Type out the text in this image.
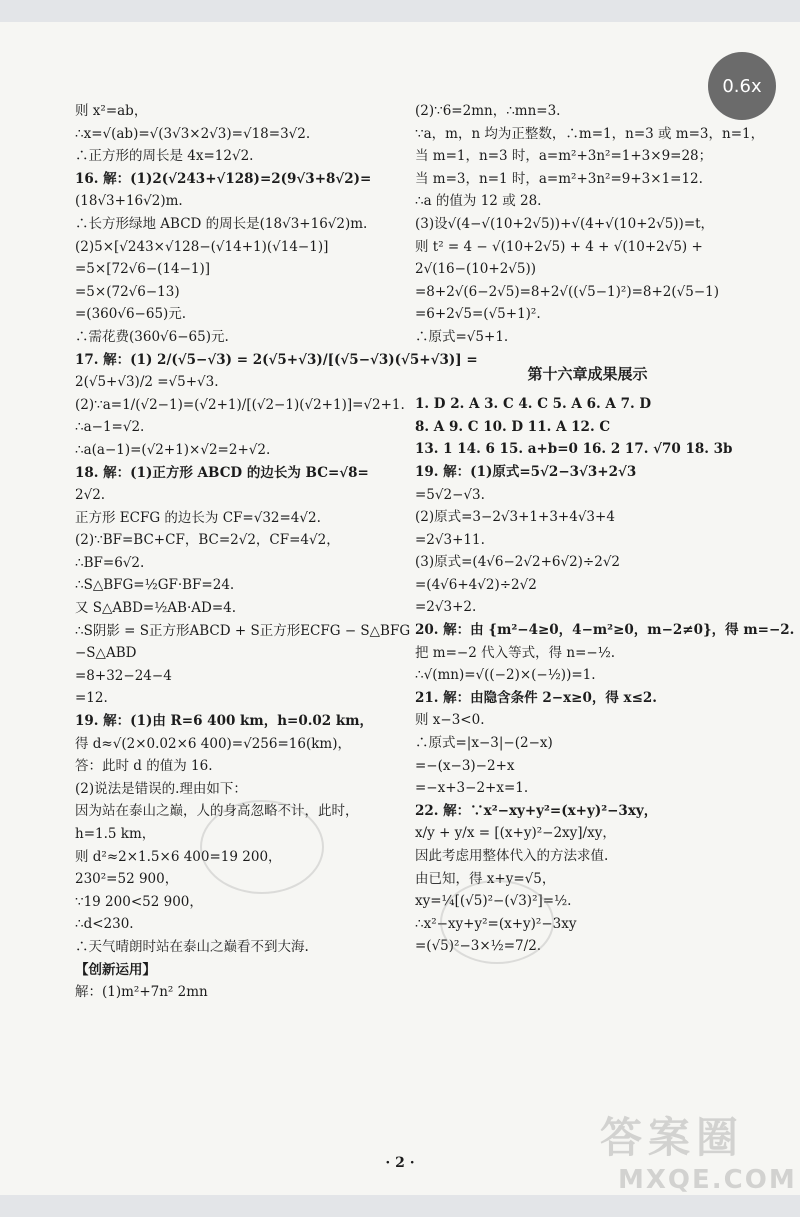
则 x²=ab，
∴x=√(ab)=√(3√3×2√3)=√18=3√2.
∴正方形的周长是 4x=12√2.
16. 解：(1)2(√243+√128)=2(9√3+8√2)=
(18√3+16√2)m.
∴长方形绿地 ABCD 的周长是(18√3+16√2)m.
(2)5×[√243×√128−(√14+1)(√14−1)]
=5×[72√6−(14−1)]
=5×(72√6−13)
=(360√6−65)元.
∴需花费(360√6−65)元.
17. 解：(1) 2/(√5−√3) = 2(√5+√3)/[(√5−√3)(√5+√3)] =
2(√5+√3)/2 =√5+√3.
(2)∵a=1/(√2−1)=(√2+1)/[(√2−1)(√2+1)]=√2+1.
∴a−1=√2.
∴a(a−1)=(√2+1)×√2=2+√2.
18. 解：(1)正方形 ABCD 的边长为 BC=√8=
2√2.
正方形 ECFG 的边长为 CF=√32=4√2.
(2)∵BF=BC+CF，BC=2√2，CF=4√2，
∴BF=6√2.
∴S△BFG=½GF·BF=24.
又 S△ABD=½AB·AD=4.
∴S阴影 = S正方形ABCD + S正方形ECFG − S△BFG
−S△ABD
=8+32−24−4
=12.
19. 解：(1)由 R=6 400 km，h=0.02 km，
得 d≈√(2×0.02×6 400)=√256=16(km)，
答：此时 d 的值为 16.
(2)说法是错误的.理由如下：
因为站在泰山之巅，人的身高忽略不计，此时，
h=1.5 km，
则 d²≈2×1.5×6 400=19 200，
230²=52 900，
∵19 200<52 900，
∴d<230.
∴天气晴朗时站在泰山之巅看不到大海.
【创新运用】
解：(1)m²+7n² 2mn
(2)∵6=2mn，∴mn=3.
∵a，m，n 均为正整数，∴m=1，n=3 或 m=3，n=1，
当 m=1，n=3 时，a=m²+3n²=1+3×9=28；
当 m=3，n=1 时，a=m²+3n²=9+3×1=12.
∴a 的值为 12 或 28.
(3)设√(4−√(10+2√5))+√(4+√(10+2√5))=t，
则 t² = 4 − √(10+2√5) + 4 + √(10+2√5) +
2√(16−(10+2√5))
=8+2√(6−2√5)=8+2√((√5−1)²)=8+2(√5−1)
=6+2√5=(√5+1)².
∴原式=√5+1.
第十六章成果展示
1. D 2. A 3. C 4. C 5. A 6. A 7. D
8. A 9. C 10. D 11. A 12. C
13. 1 14. 6 15. a+b=0 16. 2 17. √70 18. 3b
19. 解：(1)原式=5√2−3√3+2√3
=5√2−√3.
(2)原式=3−2√3+1+3+4√3+4
=2√3+11.
(3)原式=(4√6−2√2+6√2)÷2√2
=(4√6+4√2)÷2√2
=2√3+2.
20. 解：由 {m²−4≥0，4−m²≥0，m−2≠0}，得 m=−2.
把 m=−2 代入等式，得 n=−½.
∴√(mn)=√((−2)×(−½))=1.
21. 解：由隐含条件 2−x≥0，得 x≤2.
则 x−3<0.
∴原式=|x−3|−(2−x)
=−(x−3)−2+x
=−x+3−2+x=1.
22. 解：∵x²−xy+y²=(x+y)²−3xy，
x/y + y/x = [(x+y)²−2xy]/xy，
因此考虑用整体代入的方法求值.
由已知，得 x+y=√5，
xy=¼[(√5)²−(√3)²]=½.
∴x²−xy+y²=(x+y)²−3xy
=(√5)²−3×½=7/2.
· 2 ·
答案圈
MXQE.COM
0.6x
